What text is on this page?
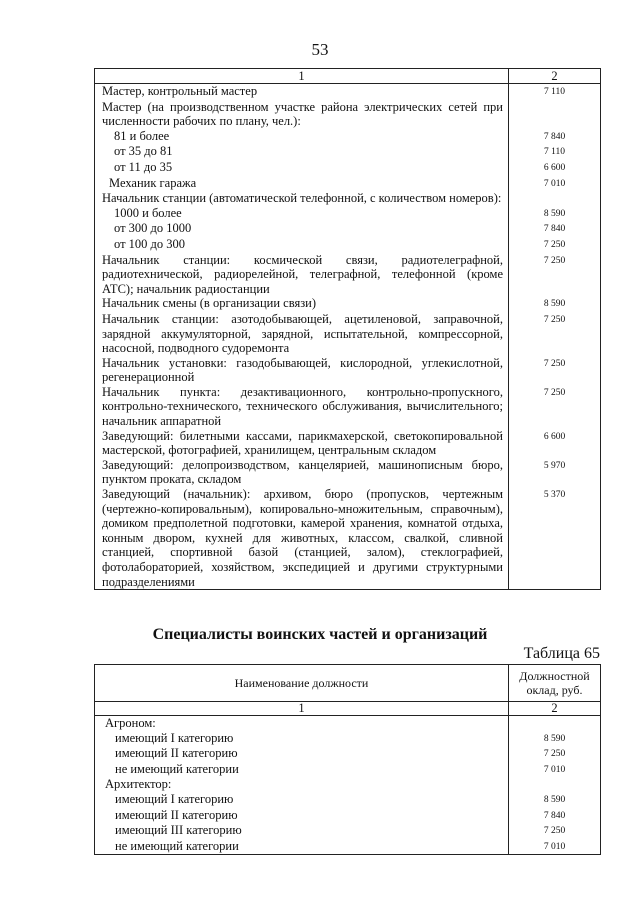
53
1	2
Мастер, контрольный мастер	7 110
Мастер (на производственном участке района электрических сетей при численности рабочих по плану, чел.):	
81 и более	7 840
от 35 до 81	7 110
от 11 до 35	6 600
Механик гаража	7 010
Начальник станции (автоматической телефонной, с количеством номеров):	
1000 и более	8 590
от 300 до 1000	7 840
от 100 до 300	7 250
Начальник станции: космической связи, радиотелеграфной, радиотехнической, радиорелейной, телеграфной, телефонной (кроме АТС); начальник радиостанции	7 250
Начальник смены (в организации связи)	8 590
Начальник станции: азотодобывающей, ацетиленовой, заправочной, зарядной аккумуляторной, зарядной, испытательной, компрессорной, насосной, подводного судоремонта	7 250
Начальник установки: газодобывающей, кислородной, углекислотной, регенерационной	7 250
Начальник пункта: дезактивационного, контрольно-пропускного, контрольно-технического, технического обслуживания, вычислительного; начальник аппаратной	7 250
Заведующий: билетными кассами, парикмахерской, светокопировальной мастерской, фотографией, хранилищем, центральным складом	6 600
Заведующий: делопроизводством, канцелярией, машинописным бюро, пунктом проката, складом	5 970
Заведующий (начальник): архивом, бюро (пропусков, чертежным (чертежно-копировальным), копировально-множительным, справочным), домиком предполетной подготовки, камерой хранения, комнатой отдыха, конным двором, кухней для животных, классом, свалкой, сливной станцией, спортивной базой (станцией, залом), стеклографией, фотолабораторией, хозяйством, экспедицией и другими структурными подразделениями	5 370
Специалисты воинских частей и организаций
Таблица 65
Наименование должности	Должностной оклад, руб.
1	2
Агроном:	
имеющий I категорию	8 590
имеющий II категорию	7 250
не имеющий категории	7 010
Архитектор:	
имеющий I категорию	8 590
имеющий II категорию	7 840
имеющий III категорию	7 250
не имеющий категории	7 010
